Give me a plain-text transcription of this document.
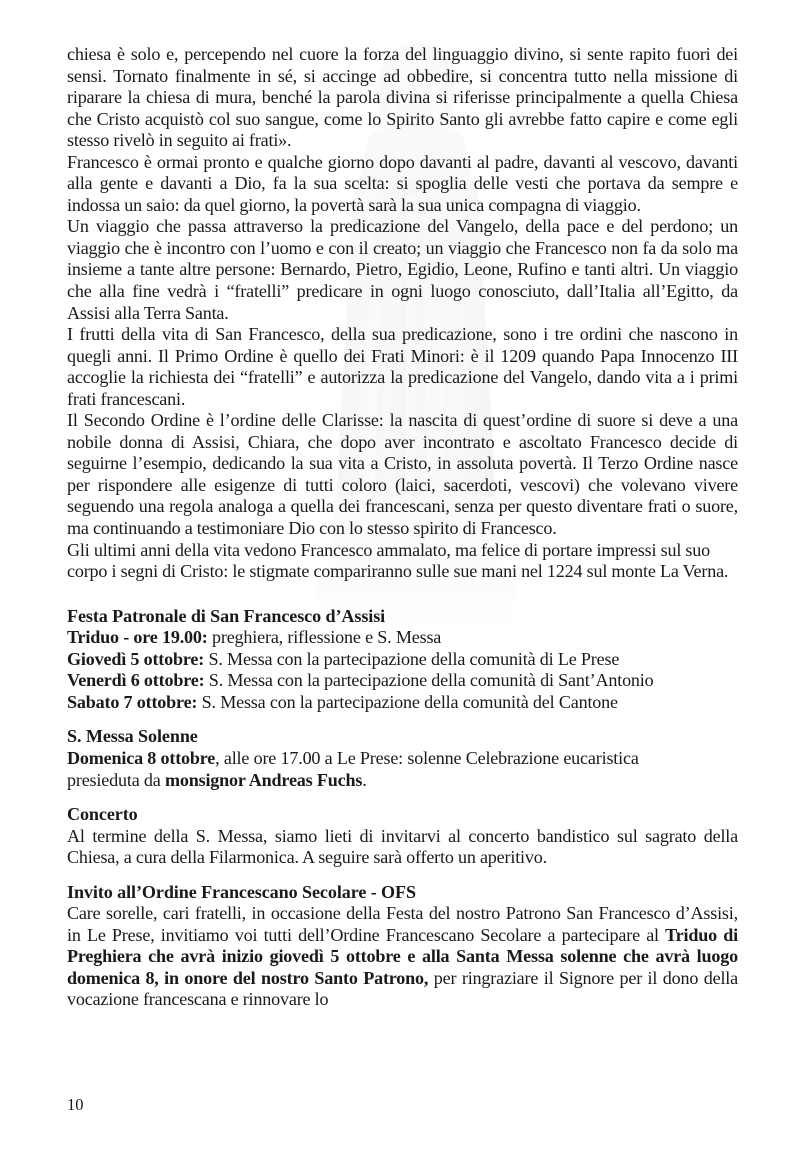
chiesa è solo e, percependo nel cuore la forza del linguaggio divino, si sente rapito fuori dei sensi. Tornato finalmente in sé, si accinge ad obbedire, si concentra tutto nella missione di riparare la chiesa di mura, benché la parola divina si riferisse principalmente a quella Chiesa che Cristo acquistò col suo sangue, come lo Spirito Santo gli avrebbe fatto capire e come egli stesso rivelò in seguito ai frati».

Francesco è ormai pronto e qualche giorno dopo davanti al padre, davanti al vescovo, davanti alla gente e davanti a Dio, fa la sua scelta: si spoglia delle vesti che portava da sempre e indossa un saio: da quel giorno, la povertà sarà la sua unica compagna di viaggio.

Un viaggio che passa attraverso la predicazione del Vangelo, della pace e del perdono; un viaggio che è incontro con l’uomo e con il creato; un viaggio che Francesco non fa da solo ma insieme a tante altre persone: Bernardo, Pietro, Egidio, Leone, Rufino e tanti altri. Un viaggio che alla fine vedrà i “fratelli” predicare in ogni luogo conosciuto, dall’Italia all’Egitto, da Assisi alla Terra Santa.

I frutti della vita di San Francesco, della sua predicazione, sono i tre ordini che nascono in quegli anni. Il Primo Ordine è quello dei Frati Minori: è il 1209 quando Papa Innocenzo III accoglie la richiesta dei “fratelli” e autorizza la predicazione del Vangelo, dando vita a i primi frati francescani.

Il Secondo Ordine è l’ordine delle Clarisse: la nascita di quest’ordine di suore si deve a una nobile donna di Assisi, Chiara, che dopo aver incontrato e ascoltato Francesco decide di seguirne l’esempio, dedicando la sua vita a Cristo, in assoluta povertà. Il Terzo Ordine nasce per rispondere alle esigenze di tutti coloro (laici, sacerdoti, vescovi) che volevano vivere seguendo una regola analoga a quella dei francescani, senza per questo diventare frati o suore, ma continuando a testimoniare Dio con lo stesso spirito di Francesco.

Gli ultimi anni della vita vedono Francesco ammalato, ma felice di portare impressi sul suo corpo i segni di Cristo: le stigmate compariranno sulle sue mani nel 1224 sul monte La Verna.

Festa Patronale di San Francesco d’Assisi
Triduo - ore 19.00: preghiera, riflessione e S. Messa
Giovedì 5 ottobre: S. Messa con la partecipazione della comunità di Le Prese
Venerdì 6 ottobre: S. Messa con la partecipazione della comunità di Sant’Antonio
Sabato 7 ottobre: S. Messa con la partecipazione della comunità del Cantone
S. Messa Solenne
Domenica 8 ottobre, alle ore 17.00 a Le Prese: solenne Celebrazione eucaristica
presieduta da monsignor Andreas Fuchs.
Concerto

Al termine della S. Messa, siamo lieti di invitarvi al concerto bandistico sul sagrato della Chiesa, a cura della Filarmonica. A seguire sarà offerto un aperitivo.

Invito all’Ordine Francescano Secolare - OFS

Care sorelle, cari fratelli, in occasione della Festa del nostro Patrono San Francesco d’Assisi, in Le Prese, invitiamo voi tutti dell’Ordine Francescano Secolare a partecipare al Triduo di Preghiera che avrà inizio giovedì 5 ottobre e alla Santa Messa solenne che avrà luogo domenica 8, in onore del nostro Santo Patrono, per ringraziare il Signore per il dono della vocazione francescana e rinnovare lo

10
